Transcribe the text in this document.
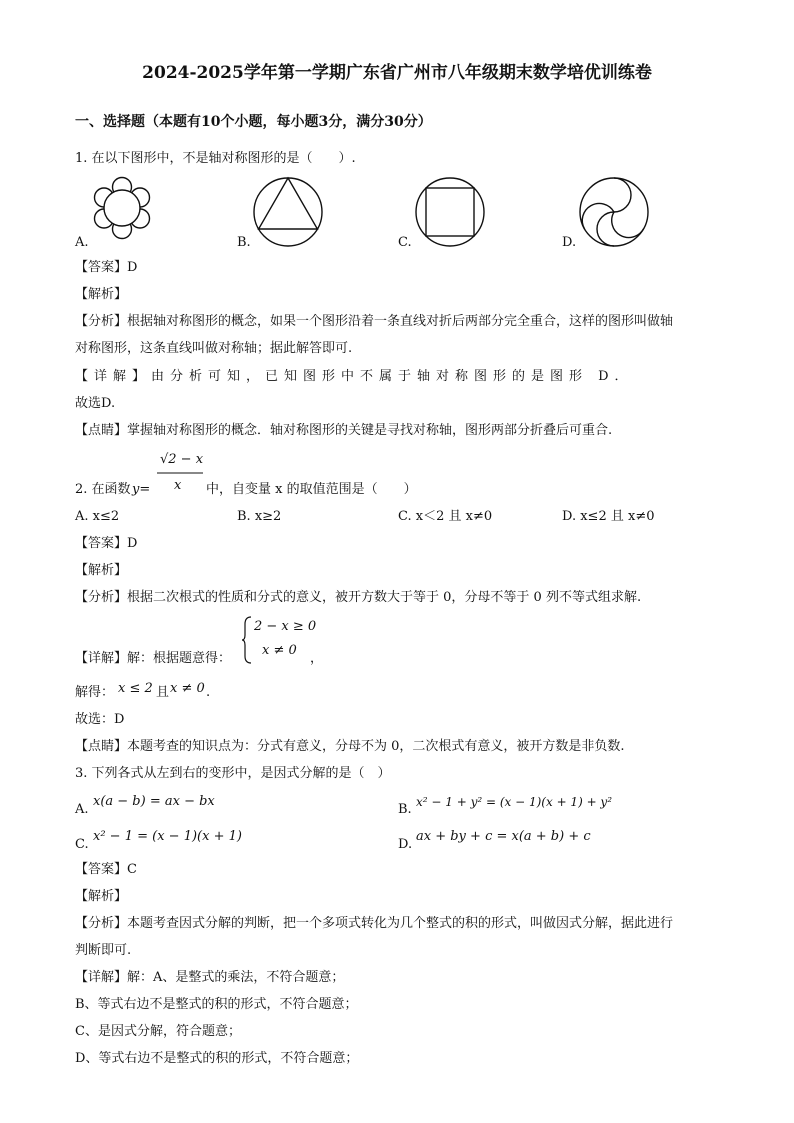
2024-2025学年第一学期广东省广州市八年级期末数学培优训练卷
一、选择题（本题有10个小题，每小题3分，满分30分）
1. 在以下图形中，不是轴对称图形的是（　　）.
A.	B.	C.	D.
【答案】D
【解析】
【分析】根据轴对称图形的概念，如果一个图形沿着一条直线对折后两部分完全重合，这样的图形叫做轴
对称图形，这条直线叫做对称轴；据此解答即可.
【详解】由分析可知，已知图形中不属于轴对称图形的是图形 D．
故选D.
【点睛】掌握轴对称图形的概念．轴对称图形的关键是寻找对称轴，图形两部分折叠后可重合.
2. 在函数 y=
√2 − x
x 中，自变量 x 的取值范围是（　　）
A. x≤2	B. x≥2	C. x＜2 且 x≠0	D. x≤2 且 x≠0
【答案】D
【解析】
【分析】根据二次根式的性质和分式的意义，被开方数大于等于 0，分母不等于 0 列不等式组求解.
【详解】解：根据题意得：
2 − x ≥ 0
x ≠ 0
，
解得： x ≤ 2 且 x ≠ 0 .
故选：D
【点睛】本题考查的知识点为：分式有意义，分母不为 0，二次根式有意义，被开方数是非负数.
3. 下列各式从左到右的变形中，是因式分解的是（　）
A.
x(a − b) = ax − bx
B. x² − 1 + y² = (x − 1)(x + 1) + y²
C.
x² − 1 = (x − 1)(x + 1)
D.
ax + by + c = x(a + b) + c
【答案】C
【解析】
【分析】本题考查因式分解的判断，把一个多项式转化为几个整式的积的形式，叫做因式分解，据此进行
判断即可.
【详解】解：A、是整式的乘法，不符合题意；
B、等式右边不是整式的积的形式，不符合题意；
C、是因式分解，符合题意；
D、等式右边不是整式的积的形式，不符合题意；
